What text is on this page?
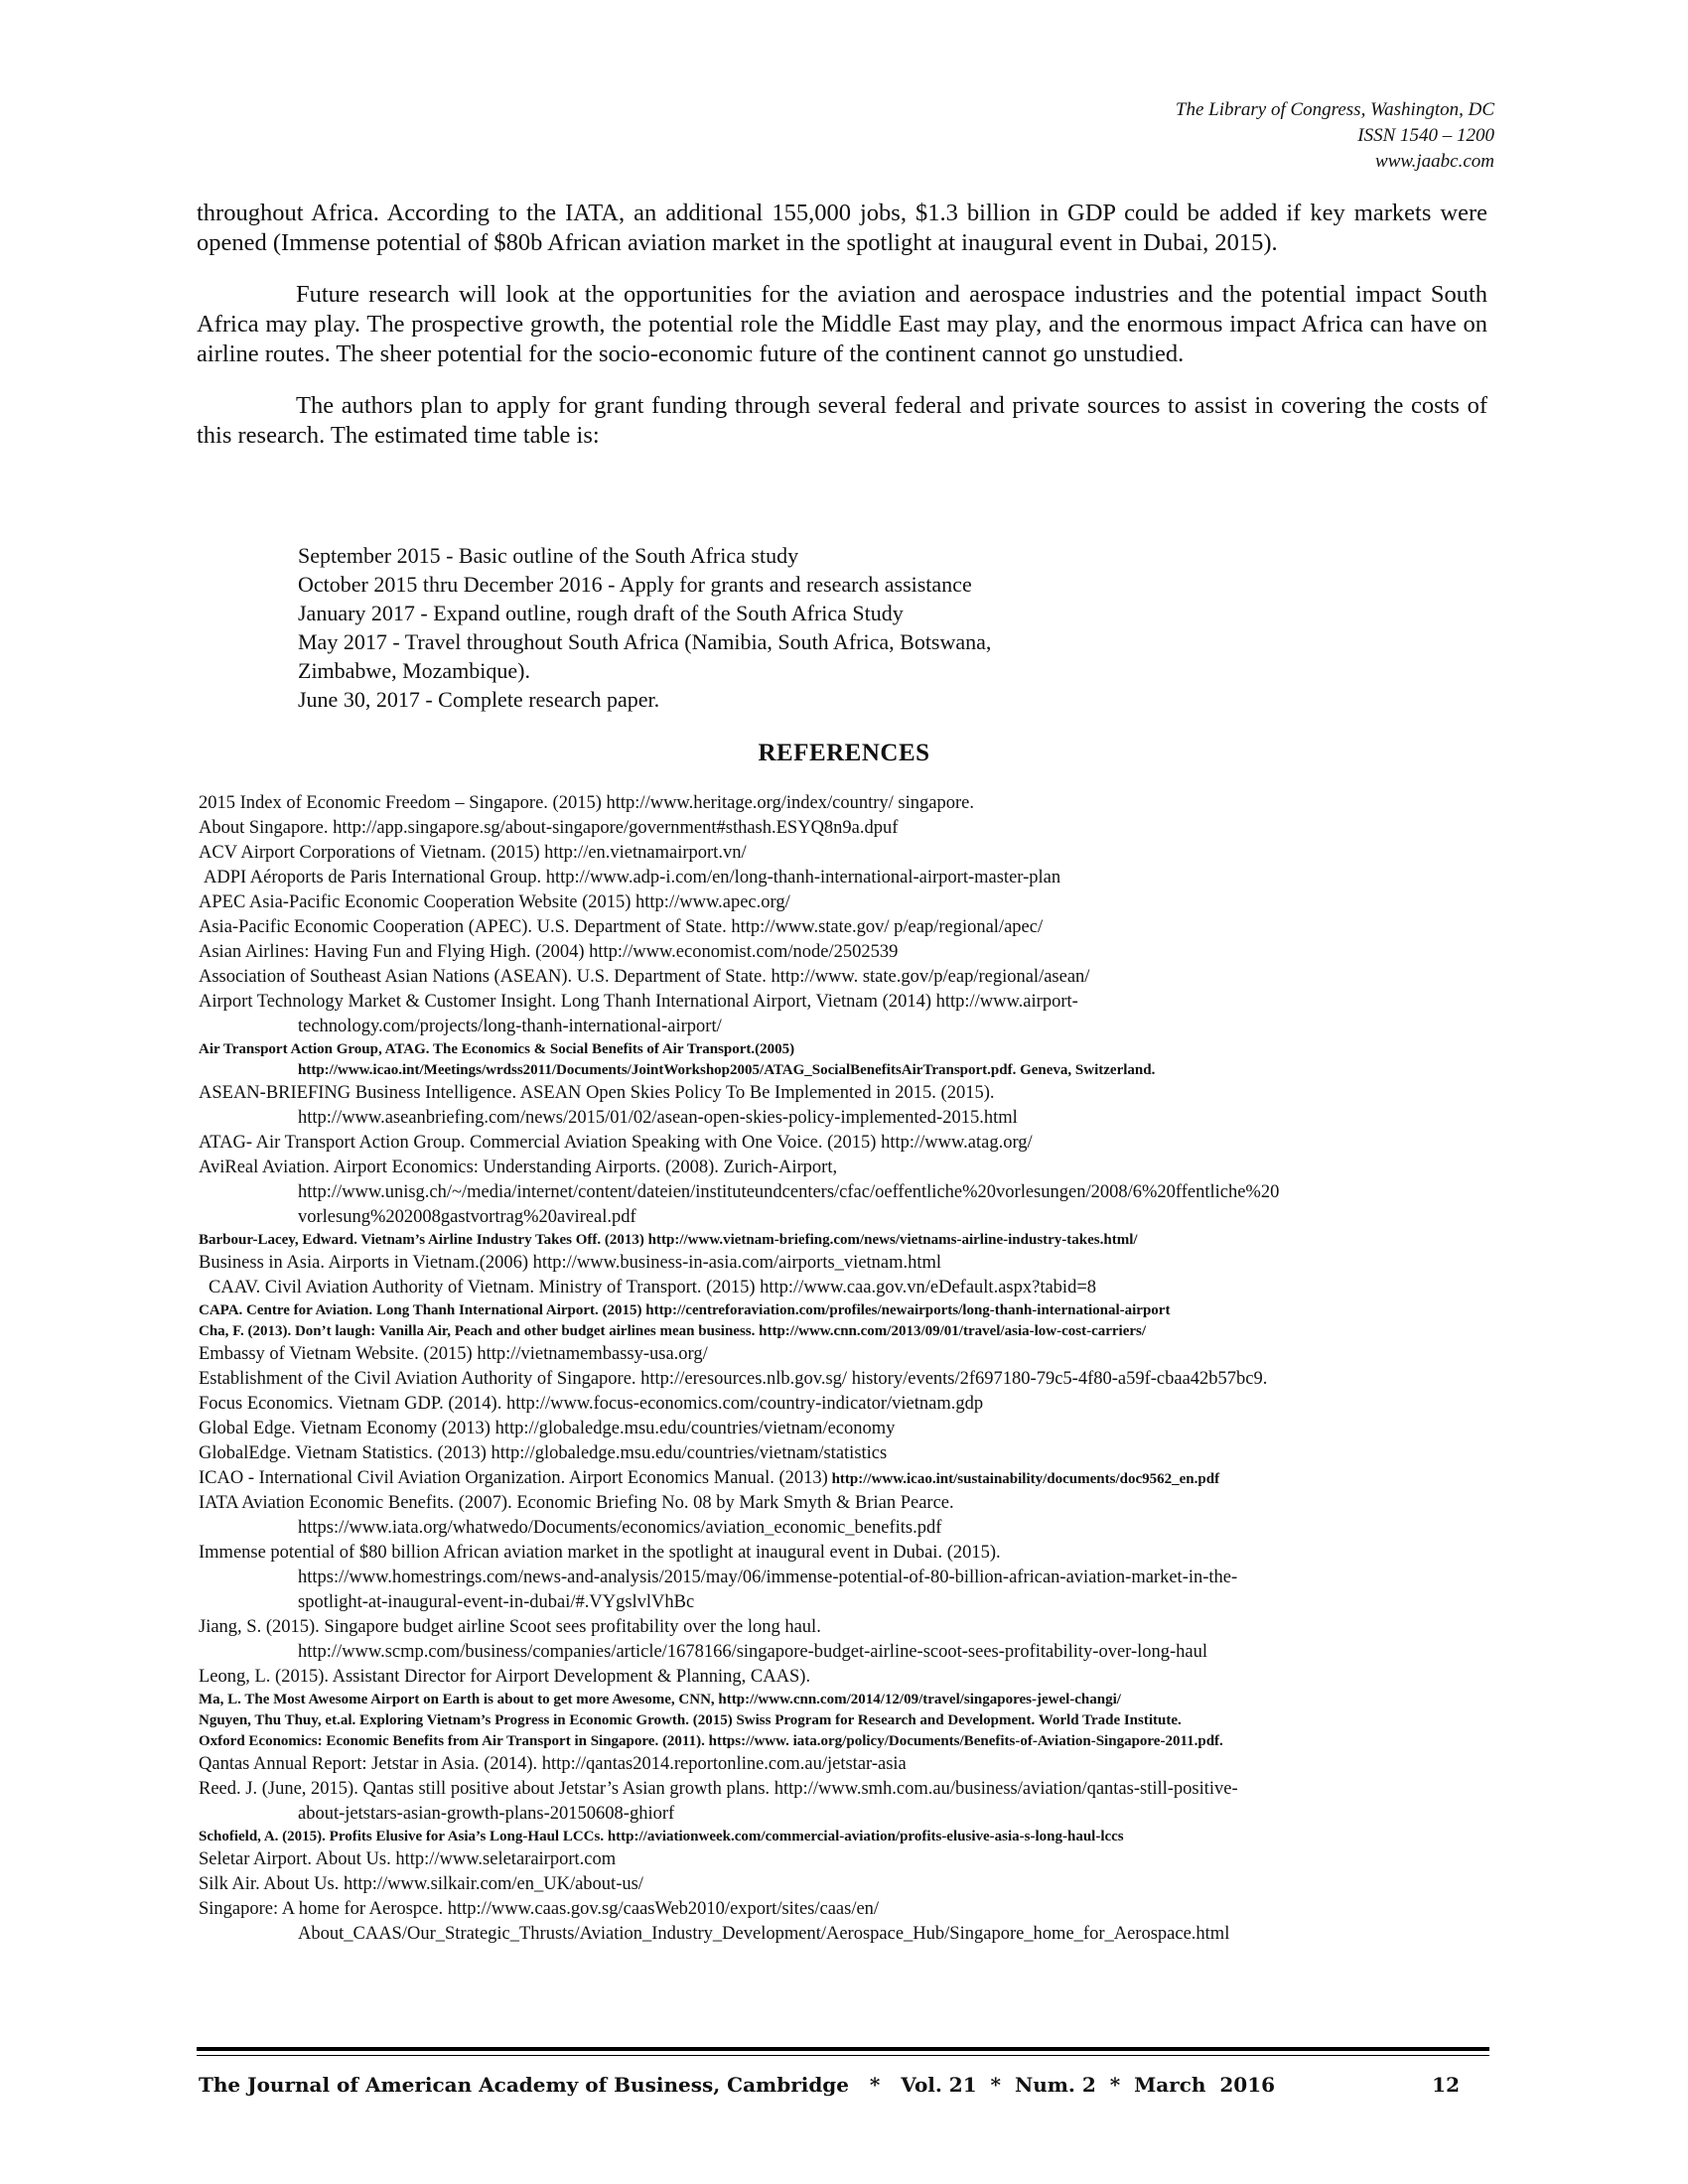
The Library of Congress, Washington, DC
ISSN 1540 – 1200
www.jaabc.com

throughout Africa. According to the IATA, an additional 155,000 jobs, $1.3 billion in GDP could be added if key markets were opened (Immense potential of $80b African aviation market in the spotlight at inaugural event in Dubai, 2015).

Future research will look at the opportunities for the aviation and aerospace industries and the potential impact South Africa may play. The prospective growth, the potential role the Middle East may play, and the enormous impact Africa can have on airline routes. The sheer potential for the socio-economic future of the continent cannot go unstudied.

The authors plan to apply for grant funding through several federal and private sources to assist in covering the costs of this research. The estimated time table is:

September 2015 - Basic outline of the South Africa study
October 2015 thru December 2016 - Apply for grants and research assistance
January 2017 - Expand outline, rough draft of the South Africa Study
May 2017 - Travel throughout South Africa (Namibia, South Africa, Botswana,
Zimbabwe, Mozambique).
June 30, 2017 - Complete research paper.
REFERENCES
2015 Index of Economic Freedom – Singapore. (2015) http://www.heritage.org/index/country/ singapore.
About Singapore. http://app.singapore.sg/about-singapore/government#sthash.ESYQ8n9a.dpuf
ACV Airport Corporations of Vietnam. (2015) http://en.vietnamairport.vn/
ADPI Aéroports de Paris International Group. http://www.adp-i.com/en/long-thanh-international-airport-master-plan
APEC Asia-Pacific Economic Cooperation Website (2015) http://www.apec.org/
Asia-Pacific Economic Cooperation (APEC). U.S. Department of State. http://www.state.gov/ p/eap/regional/apec/
Asian Airlines: Having Fun and Flying High. (2004) http://www.economist.com/node/2502539
Association of Southeast Asian Nations (ASEAN). U.S. Department of State. http://www. state.gov/p/eap/regional/asean/
Airport Technology Market & Customer Insight. Long Thanh International Airport, Vietnam (2014) http://www.airport-
technology.com/projects/long-thanh-international-airport/
Air Transport Action Group, ATAG. The Economics & Social Benefits of Air Transport.(2005)
http://www.icao.int/Meetings/wrdss2011/Documents/JointWorkshop2005/ATAG_SocialBenefitsAirTransport.pdf. Geneva, Switzerland.
ASEAN-BRIEFING Business Intelligence. ASEAN Open Skies Policy To Be Implemented in 2015. (2015).
http://www.aseanbriefing.com/news/2015/01/02/asean-open-skies-policy-implemented-2015.html
ATAG- Air Transport Action Group. Commercial Aviation Speaking with One Voice. (2015) http://www.atag.org/
AviReal Aviation. Airport Economics: Understanding Airports. (2008). Zurich-Airport,
http://www.unisg.ch/~/media/internet/content/dateien/instituteundcenters/cfac/oeffentliche%20vorlesungen/2008/6%20ffentliche%20
vorlesung%202008gastvortrag%20avireal.pdf
Barbour-Lacey, Edward. Vietnam’s Airline Industry Takes Off. (2013) http://www.vietnam-briefing.com/news/vietnams-airline-industry-takes.html/
Business in Asia. Airports in Vietnam.(2006) http://www.business-in-asia.com/airports_vietnam.html
CAAV. Civil Aviation Authority of Vietnam. Ministry of Transport. (2015) http://www.caa.gov.vn/eDefault.aspx?tabid=8
CAPA. Centre for Aviation. Long Thanh International Airport. (2015) http://centreforaviation.com/profiles/newairports/long-thanh-international-airport
Cha, F. (2013). Don’t laugh: Vanilla Air, Peach and other budget airlines mean business. http://www.cnn.com/2013/09/01/travel/asia-low-cost-carriers/
Embassy of Vietnam Website. (2015) http://vietnamembassy-usa.org/
Establishment of the Civil Aviation Authority of Singapore. http://eresources.nlb.gov.sg/ history/events/2f697180-79c5-4f80-a59f-cbaa42b57bc9.
Focus Economics. Vietnam GDP. (2014). http://www.focus-economics.com/country-indicator/vietnam.gdp
Global Edge. Vietnam Economy (2013) http://globaledge.msu.edu/countries/vietnam/economy
GlobalEdge. Vietnam Statistics. (2013) http://globaledge.msu.edu/countries/vietnam/statistics
ICAO - International Civil Aviation Organization. Airport Economics Manual. (2013) http://www.icao.int/sustainability/documents/doc9562_en.pdf
IATA Aviation Economic Benefits. (2007). Economic Briefing No. 08 by Mark Smyth & Brian Pearce.
https://www.iata.org/whatwedo/Documents/economics/aviation_economic_benefits.pdf
Immense potential of $80 billion African aviation market in the spotlight at inaugural event in Dubai. (2015).
https://www.homestrings.com/news-and-analysis/2015/may/06/immense-potential-of-80-billion-african-aviation-market-in-the-
spotlight-at-inaugural-event-in-dubai/#.VYgslvlVhBc
Jiang, S. (2015). Singapore budget airline Scoot sees profitability over the long haul.
http://www.scmp.com/business/companies/article/1678166/singapore-budget-airline-scoot-sees-profitability-over-long-haul
Leong, L. (2015). Assistant Director for Airport Development & Planning, CAAS).
Ma, L. The Most Awesome Airport on Earth is about to get more Awesome, CNN, http://www.cnn.com/2014/12/09/travel/singapores-jewel-changi/
Nguyen, Thu Thuy, et.al. Exploring Vietnam’s Progress in Economic Growth. (2015) Swiss Program for Research and Development. World Trade Institute.
Oxford Economics: Economic Benefits from Air Transport in Singapore. (2011). https://www. iata.org/policy/Documents/Benefits-of-Aviation-Singapore-2011.pdf.
Qantas Annual Report: Jetstar in Asia. (2014). http://qantas2014.reportonline.com.au/jetstar-asia
Reed. J. (June, 2015). Qantas still positive about Jetstar’s Asian growth plans. http://www.smh.com.au/business/aviation/qantas-still-positive-
about-jetstars-asian-growth-plans-20150608-ghiorf
Schofield, A. (2015). Profits Elusive for Asia’s Long-Haul LCCs. http://aviationweek.com/commercial-aviation/profits-elusive-asia-s-long-haul-lccs
Seletar Airport. About Us. http://www.seletarairport.com
Silk Air. About Us. http://www.silkair.com/en_UK/about-us/
Singapore: A home for Aerospce. http://www.caas.gov.sg/caasWeb2010/export/sites/caas/en/
About_CAAS/Our_Strategic_Thrusts/Aviation_Industry_Development/Aerospace_Hub/Singapore_home_for_Aerospace.html
The Journal of American Academy of Business, Cambridge   *   Vol. 21  *  Num. 2  *  March  2016	12
